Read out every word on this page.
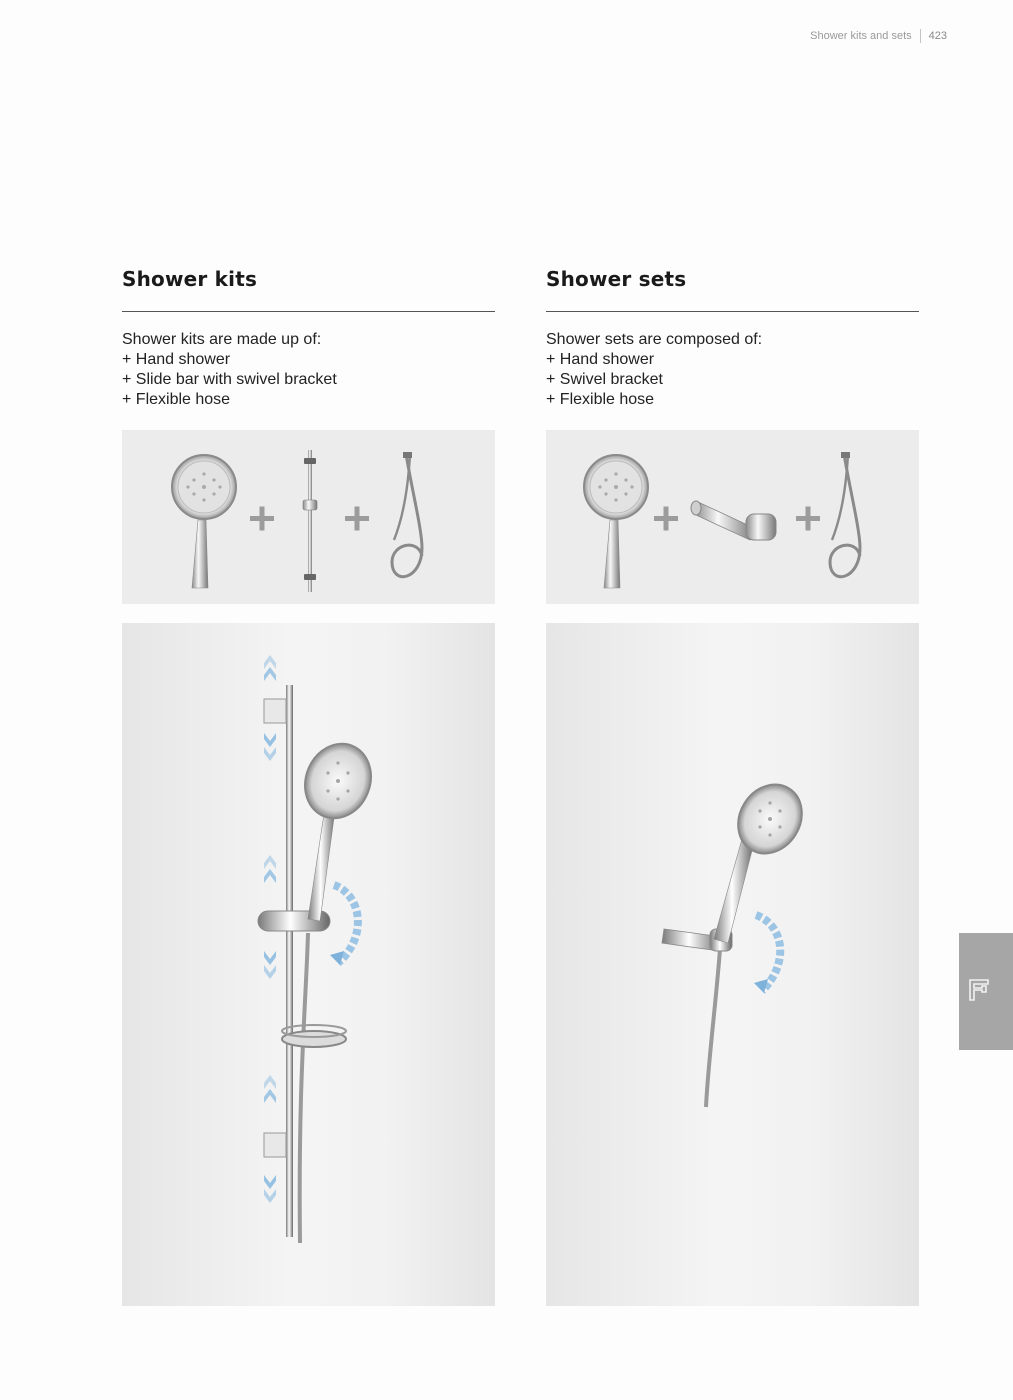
Shower kits and sets 423
Shower kits
Shower kits are made up of:
+ Hand shower
+ Slide bar with swivel bracket
+ Flexible hose
Shower sets
Shower sets are composed of:
+ Hand shower
+ Swivel bracket
+ Flexible hose
